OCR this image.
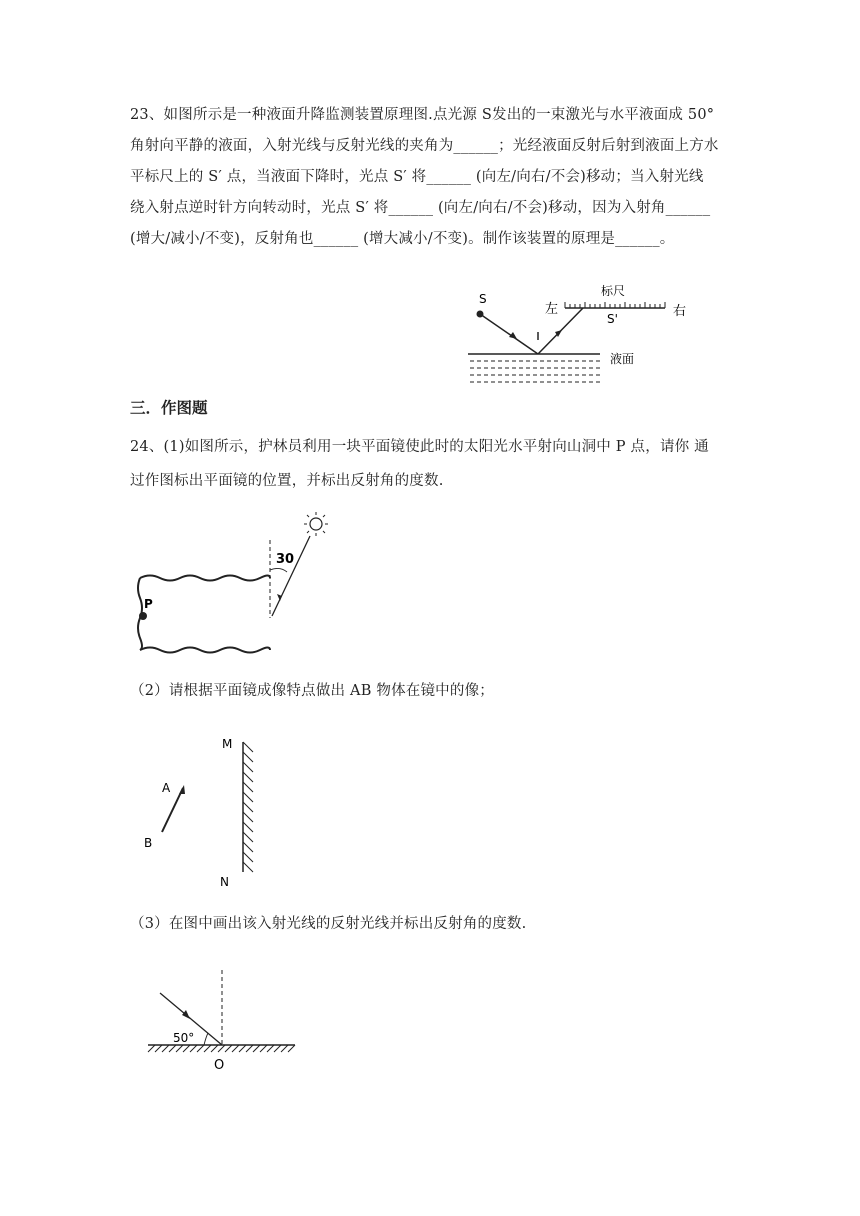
23、如图所示是一种液面升降监测装置原理图.点光源 S发出的一束激光与水平液面成 50°
角射向平静的液面，入射光线与反射光线的夹角为______；光经液面反射后射到液面上方水
平标尺上的 S′ 点，当液面下降时，光点 S′ 将______ (向左/向右/不会)移动；当入射光线
绕入射点逆时针方向转动时，光点 S′ 将______ (向左/向右/不会)移动，因为入射角______
(增大/减小/不变)，反射角也______ (增大减小/不变)。制作该装置的原理是______。
标尺
左	右
S
S'
液面
三．作图题
24、(1)如图所示，护林员利用一块平面镜使此时的太阳光水平射向山洞中 P 点，请你 通
过作图标出平面镜的位置，并标出反射角的度数.
P
30
（2）请根据平面镜成像特点做出 AB 物体在镜中的像；
M
N
A
B
（3）在图中画出该入射光线的反射光线并标出反射角的度数.
50°
O
